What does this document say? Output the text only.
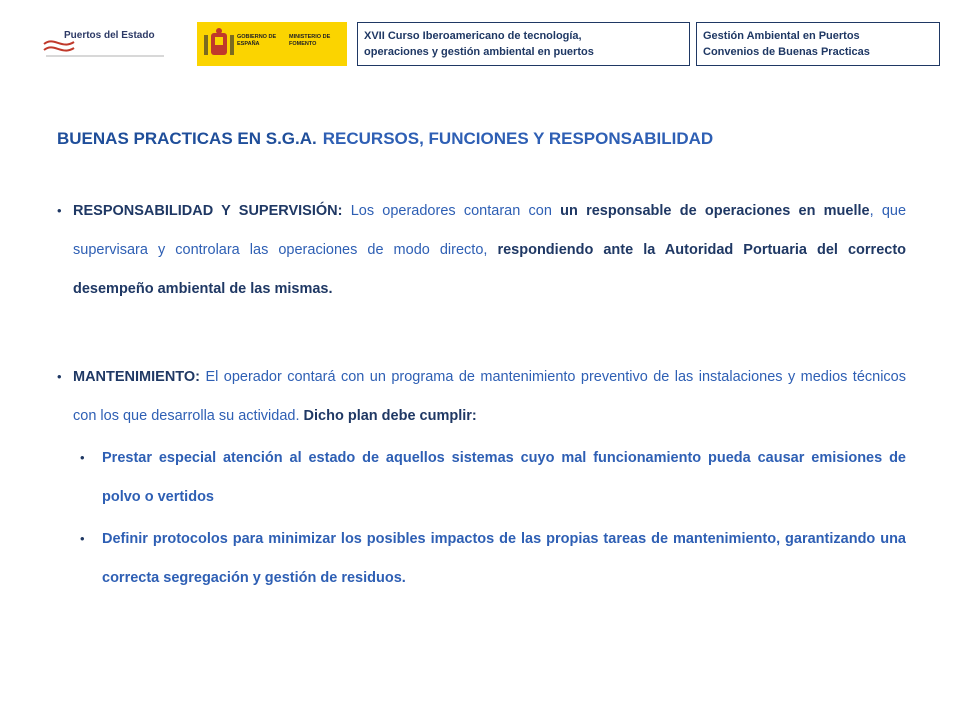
Puertos del Estado	GOBIERNO DE ESPAÑA
MINISTERIO DE FOMENTO
XVII Curso Iberoamericano de tecnología,
operaciones y gestión ambiental en puertos
Gestión Ambiental en Puertos
Convenios de Buenas Practicas
BUENAS PRACTICAS EN S.G.A. RECURSOS, FUNCIONES Y RESPONSABILIDAD
• RESPONSABILIDAD Y SUPERVISIÓN: Los operadores contaran con un responsable de operaciones en muelle, que supervisara y controlara las operaciones de modo directo, respondiendo ante la Autoridad Portuaria del correcto desempeño ambiental de las mismas.
• MANTENIMIENTO: El operador contará con un programa de mantenimiento preventivo de las instalaciones y medios técnicos con los que desarrolla su actividad. Dicho plan debe cumplir:
• Prestar especial atención al estado de aquellos sistemas cuyo mal funcionamiento pueda causar emisiones de polvo o vertidos
• Definir protocolos para minimizar los posibles impactos de las propias tareas de mantenimiento, garantizando una correcta segregación y gestión de residuos.
